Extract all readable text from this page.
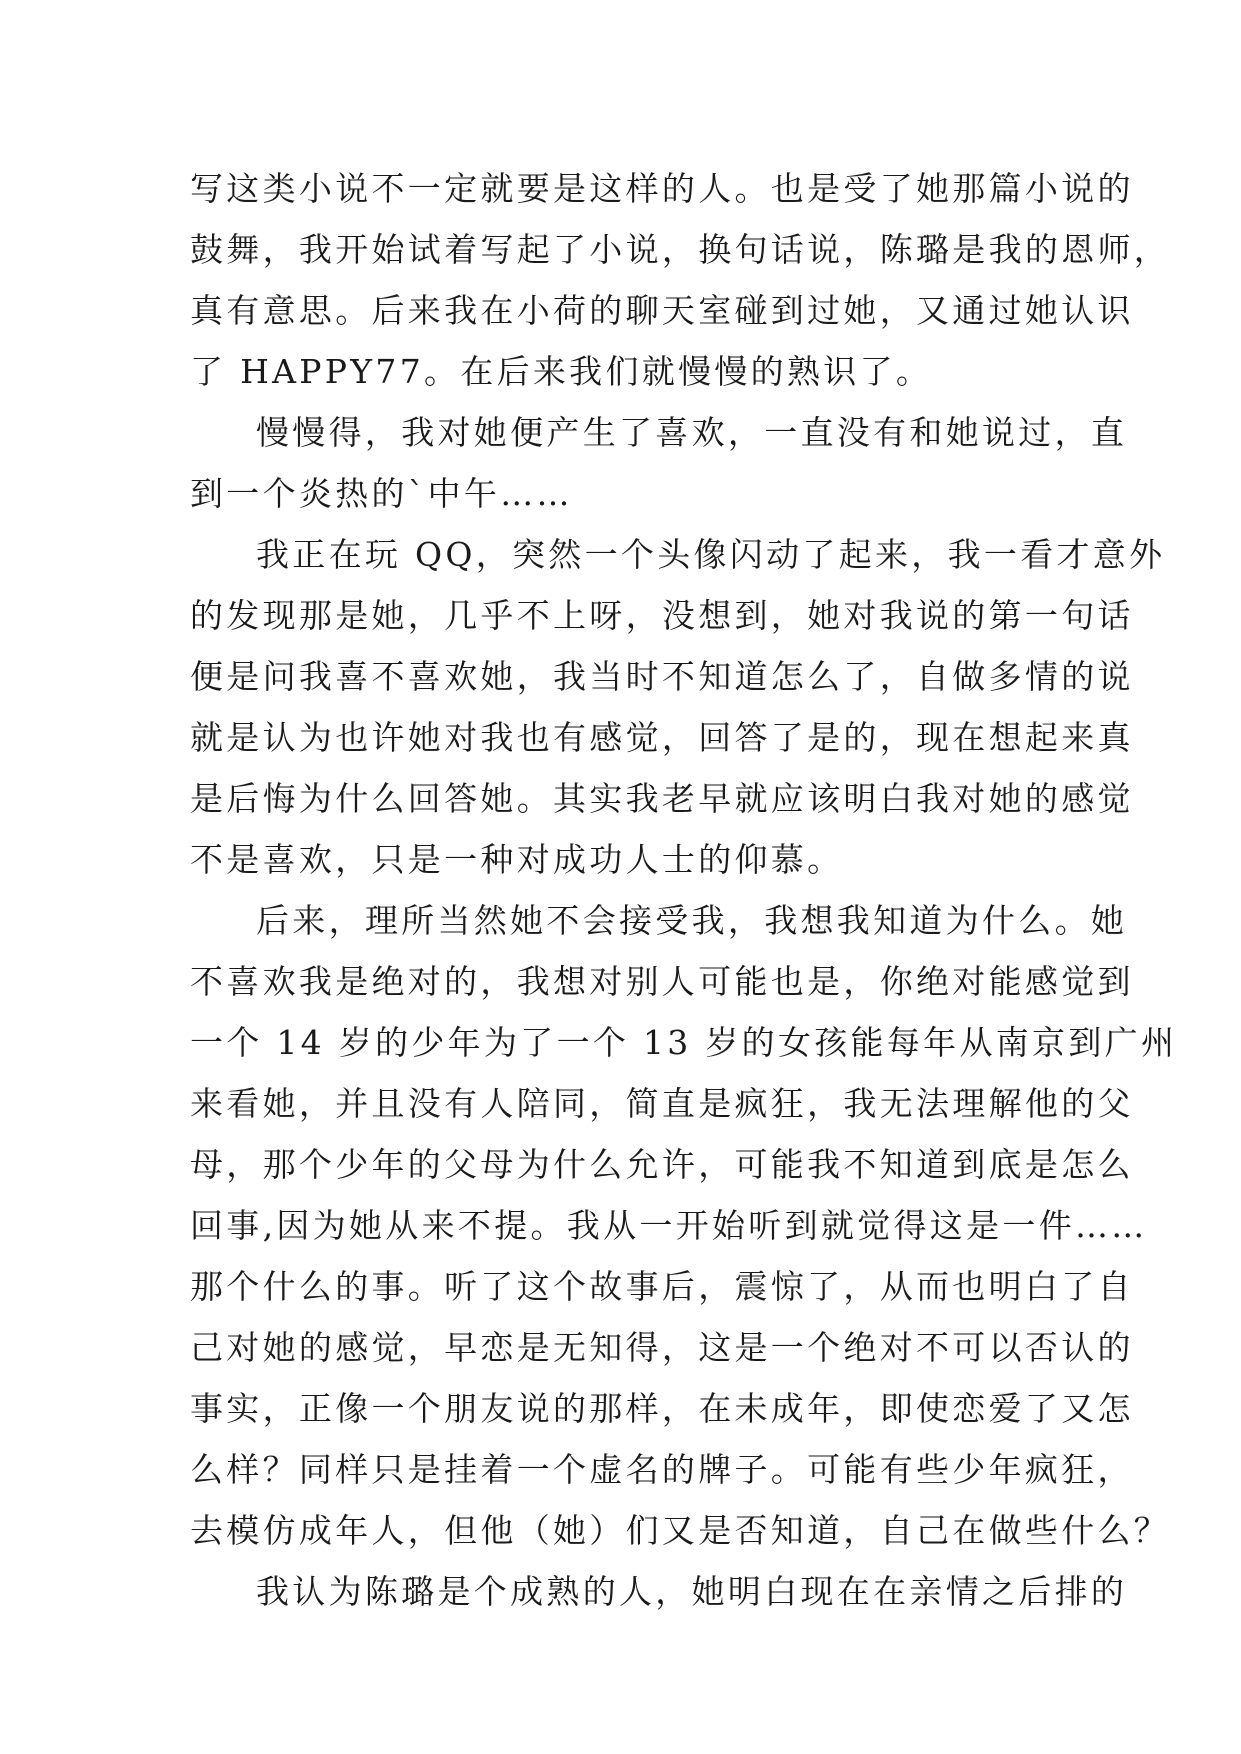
写这类小说不一定就要是这样的人。也是受了她那篇小说的
鼓舞，我开始试着写起了小说，换句话说，陈璐是我的恩师，
真有意思。后来我在小荷的聊天室碰到过她，又通过她认识
了 HAPPY77。在后来我们就慢慢的熟识了。
慢慢得，我对她便产生了喜欢，一直没有和她说过，直
到一个炎热的`中午……
我正在玩 QQ，突然一个头像闪动了起来，我一看才意外
的发现那是她，几乎不上呀，没想到，她对我说的第一句话
便是问我喜不喜欢她，我当时不知道怎么了，自做多情的说
就是认为也许她对我也有感觉，回答了是的，现在想起来真
是后悔为什么回答她。其实我老早就应该明白我对她的感觉
不是喜欢，只是一种对成功人士的仰慕。
后来，理所当然她不会接受我，我想我知道为什么。她
不喜欢我是绝对的，我想对别人可能也是，你绝对能感觉到
一个 14 岁的少年为了一个 13 岁的女孩能每年从南京到广州
来看她，并且没有人陪同，简直是疯狂，我无法理解他的父
母，那个少年的父母为什么允许，可能我不知道到底是怎么
回事,因为她从来不提。我从一开始听到就觉得这是一件……
那个什么的事。听了这个故事后，震惊了，从而也明白了自
己对她的感觉，早恋是无知得，这是一个绝对不可以否认的
事实，正像一个朋友说的那样，在未成年，即使恋爱了又怎
么样？同样只是挂着一个虚名的牌子。可能有些少年疯狂，
去模仿成年人，但他（她）们又是否知道，自己在做些什么？
我认为陈璐是个成熟的人，她明白现在在亲情之后排的
